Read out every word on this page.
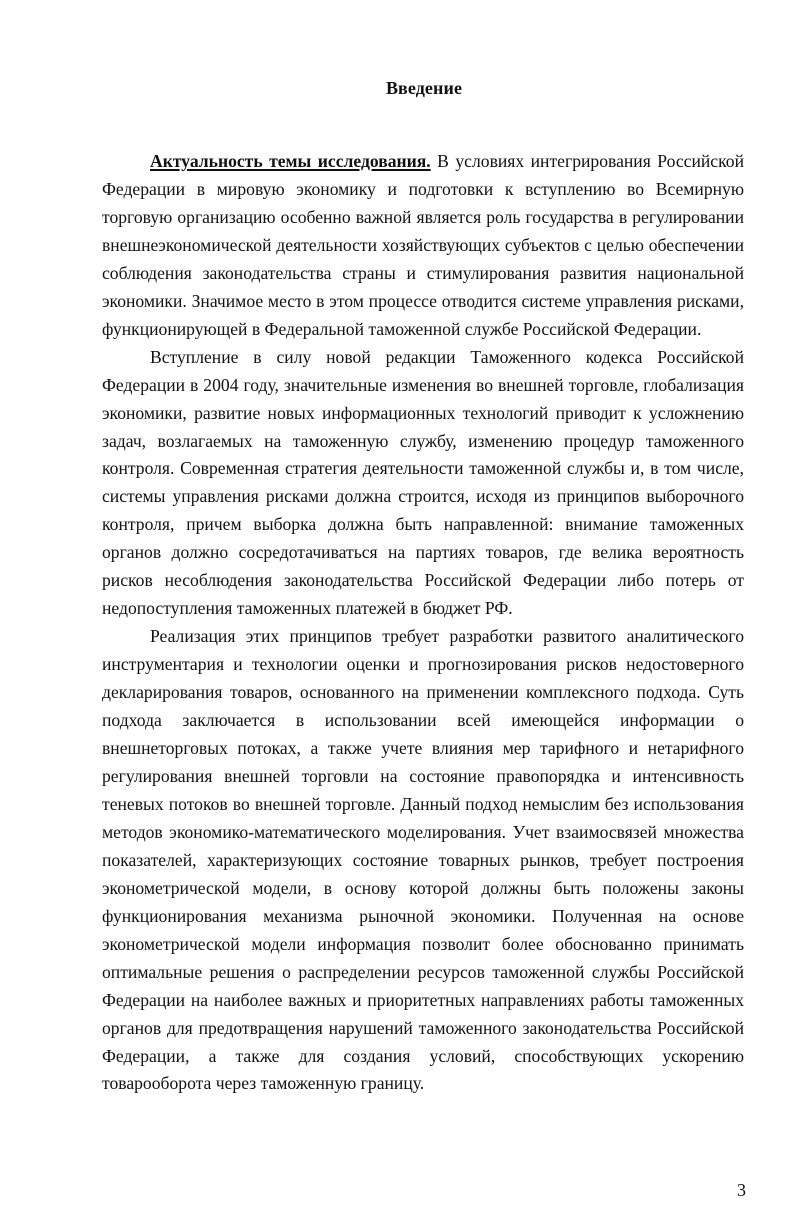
Введение

Актуальность темы исследования. В условиях интегрирования Российской Федерации в мировую экономику и подготовки к вступлению во Всемирную торговую организацию особенно важной является роль государства в регулировании внешнеэкономической деятельности хозяйствующих субъектов с целью обеспечении соблюдения законодательства страны и стимулирования развития национальной экономики. Значимое место в этом процессе отводится системе управления рисками, функционирующей в Федеральной таможенной службе Российской Федерации.

Вступление в силу новой редакции Таможенного кодекса Российской Федерации в 2004 году, значительные изменения во внешней торговле, глобализация экономики, развитие новых информационных технологий приводит к усложнению задач, возлагаемых на таможенную службу, изменению процедур таможенного контроля. Современная стратегия деятельности таможенной службы и, в том числе, системы управления рисками должна строится, исходя из принципов выборочного контроля, причем выборка должна быть направленной: внимание таможенных органов должно сосредотачиваться на партиях товаров, где велика вероятность рисков несоблюдения законодательства Российской Федерации либо потерь от недопоступления таможенных платежей в бюджет РФ.

Реализация этих принципов требует разработки развитого аналитического инструментария и технологии оценки и прогнозирования рисков недостоверного декларирования товаров, основанного на применении комплексного подхода. Суть подхода заключается в использовании всей имеющейся информации о внешнеторговых потоках, а также учете влияния мер тарифного и нетарифного регулирования внешней торговли на состояние правопорядка и интенсивность теневых потоков во внешней торговле. Данный подход немыслим без использования методов экономико-математического моделирования. Учет взаимосвязей множества показателей, характеризующих состояние товарных рынков, требует построения эконометрической модели, в основу которой должны быть положены законы функционирования механизма рыночной экономики. Полученная на основе эконометрической модели информация позволит более обоснованно принимать оптимальные решения о распределении ресурсов таможенной службы Российской Федерации на наиболее важных и приоритетных направлениях работы таможенных органов для предотвращения нарушений таможенного законодательства Российской Федерации, а также для создания условий, способствующих ускорению товарооборота через таможенную границу.

3
